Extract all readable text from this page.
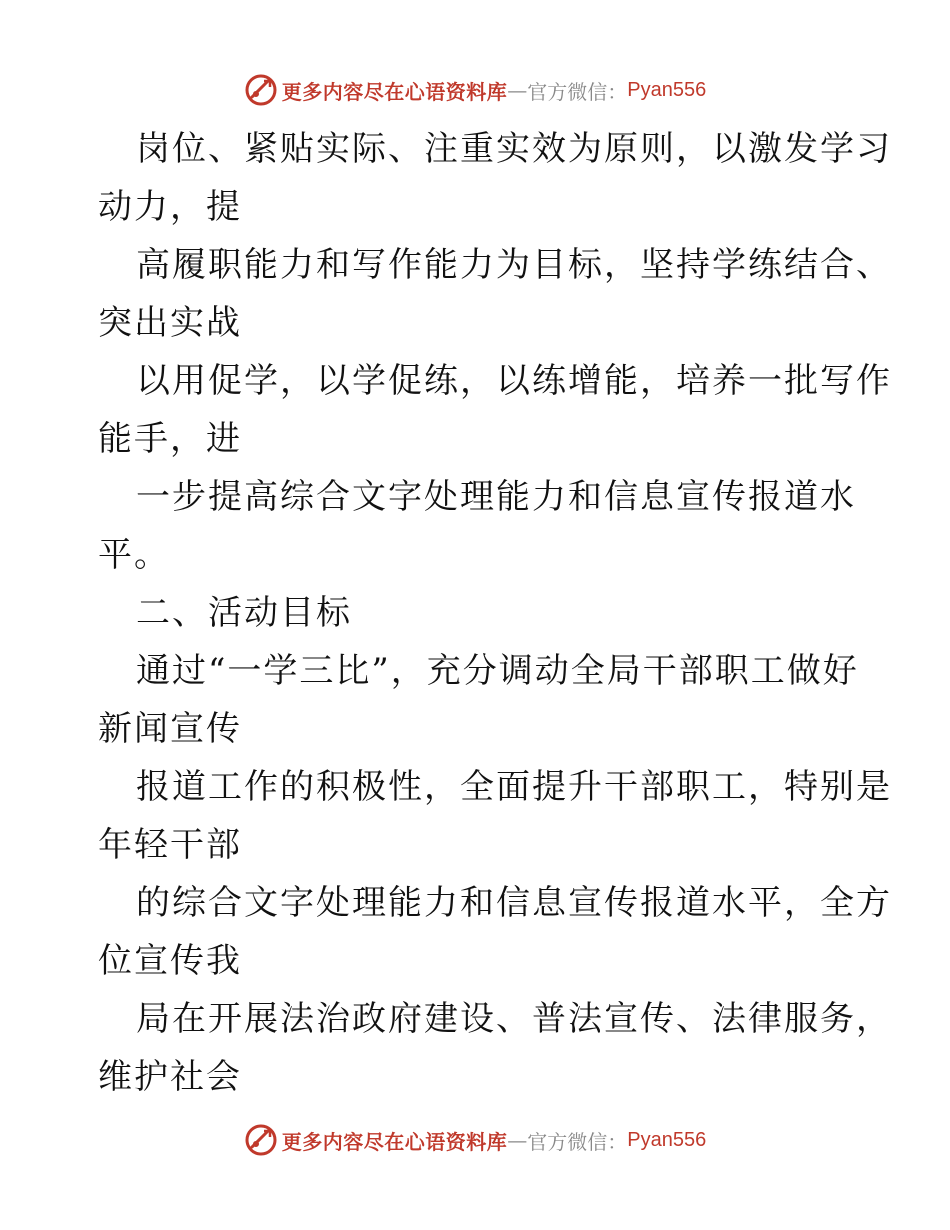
更多内容尽在心语资料库 — 官方微信： Pyan556
岗位、紧贴实际、注重实效为原则，以激发学习
动力，提
高履职能力和写作能力为目标，坚持学练结合、
突出实战
以用促学，以学促练，以练增能，培养一批写作
能手，进
一步提高综合文字处理能力和信息宣传报道水
平。
二、活动目标
通过“一学三比”，充分调动全局干部职工做好
新闻宣传
报道工作的积极性，全面提升干部职工，特别是
年轻干部
的综合文字处理能力和信息宣传报道水平，全方
位宣传我
局在开展法治政府建设、普法宣传、法律服务，
维护社会
更多内容尽在心语资料库 — 官方微信： Pyan556
